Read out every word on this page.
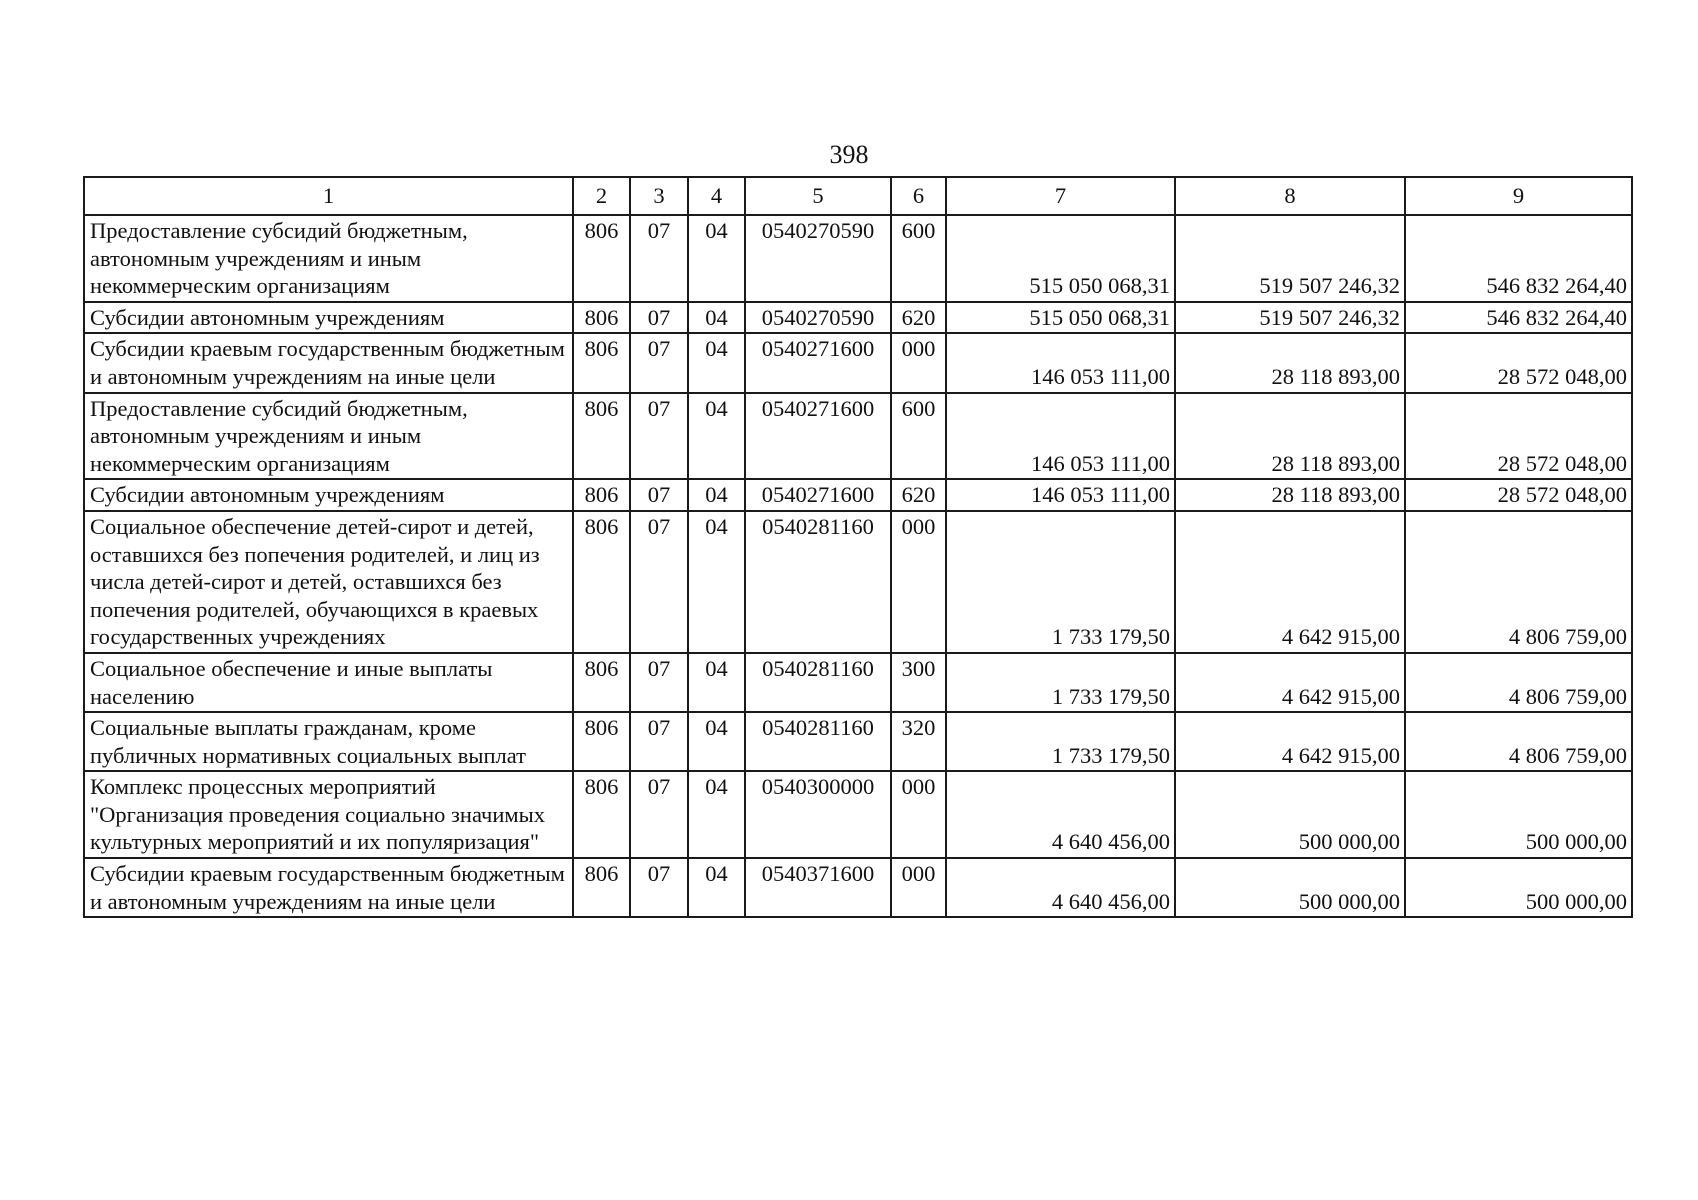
398
1	2	3	4	5	6	7	8	9
Предоставление субсидий бюджетным, автономным учреждениям и иным некоммерческим организациям	806	07	04	0540270590	600	515 050 068,31	519 507 246,32	546 832 264,40
Субсидии автономным учреждениям	806	07	04	0540270590	620	515 050 068,31	519 507 246,32	546 832 264,40
Субсидии краевым государственным бюджетным и автономным учреждениям на иные цели	806	07	04	0540271600	000	146 053 111,00	28 118 893,00	28 572 048,00
Предоставление субсидий бюджетным, автономным учреждениям и иным некоммерческим организациям	806	07	04	0540271600	600	146 053 111,00	28 118 893,00	28 572 048,00
Субсидии автономным учреждениям	806	07	04	0540271600	620	146 053 111,00	28 118 893,00	28 572 048,00
Социальное обеспечение детей-сирот и детей, оставшихся без попечения родителей, и лиц из числа детей-сирот и детей, оставшихся без попечения родителей, обучающихся в краевых государственных учреждениях	806	07	04	0540281160	000	1 733 179,50	4 642 915,00	4 806 759,00
Социальное обеспечение и иные выплаты населению	806	07	04	0540281160	300	1 733 179,50	4 642 915,00	4 806 759,00
Социальные выплаты гражданам, кроме публичных нормативных социальных выплат	806	07	04	0540281160	320	1 733 179,50	4 642 915,00	4 806 759,00
Комплекс процессных мероприятий "Организация проведения социально значимых культурных мероприятий и их популяризация"	806	07	04	0540300000	000	4 640 456,00	500 000,00	500 000,00
Субсидии краевым государственным бюджетным и автономным учреждениям на иные цели	806	07	04	0540371600	000	4 640 456,00	500 000,00	500 000,00
